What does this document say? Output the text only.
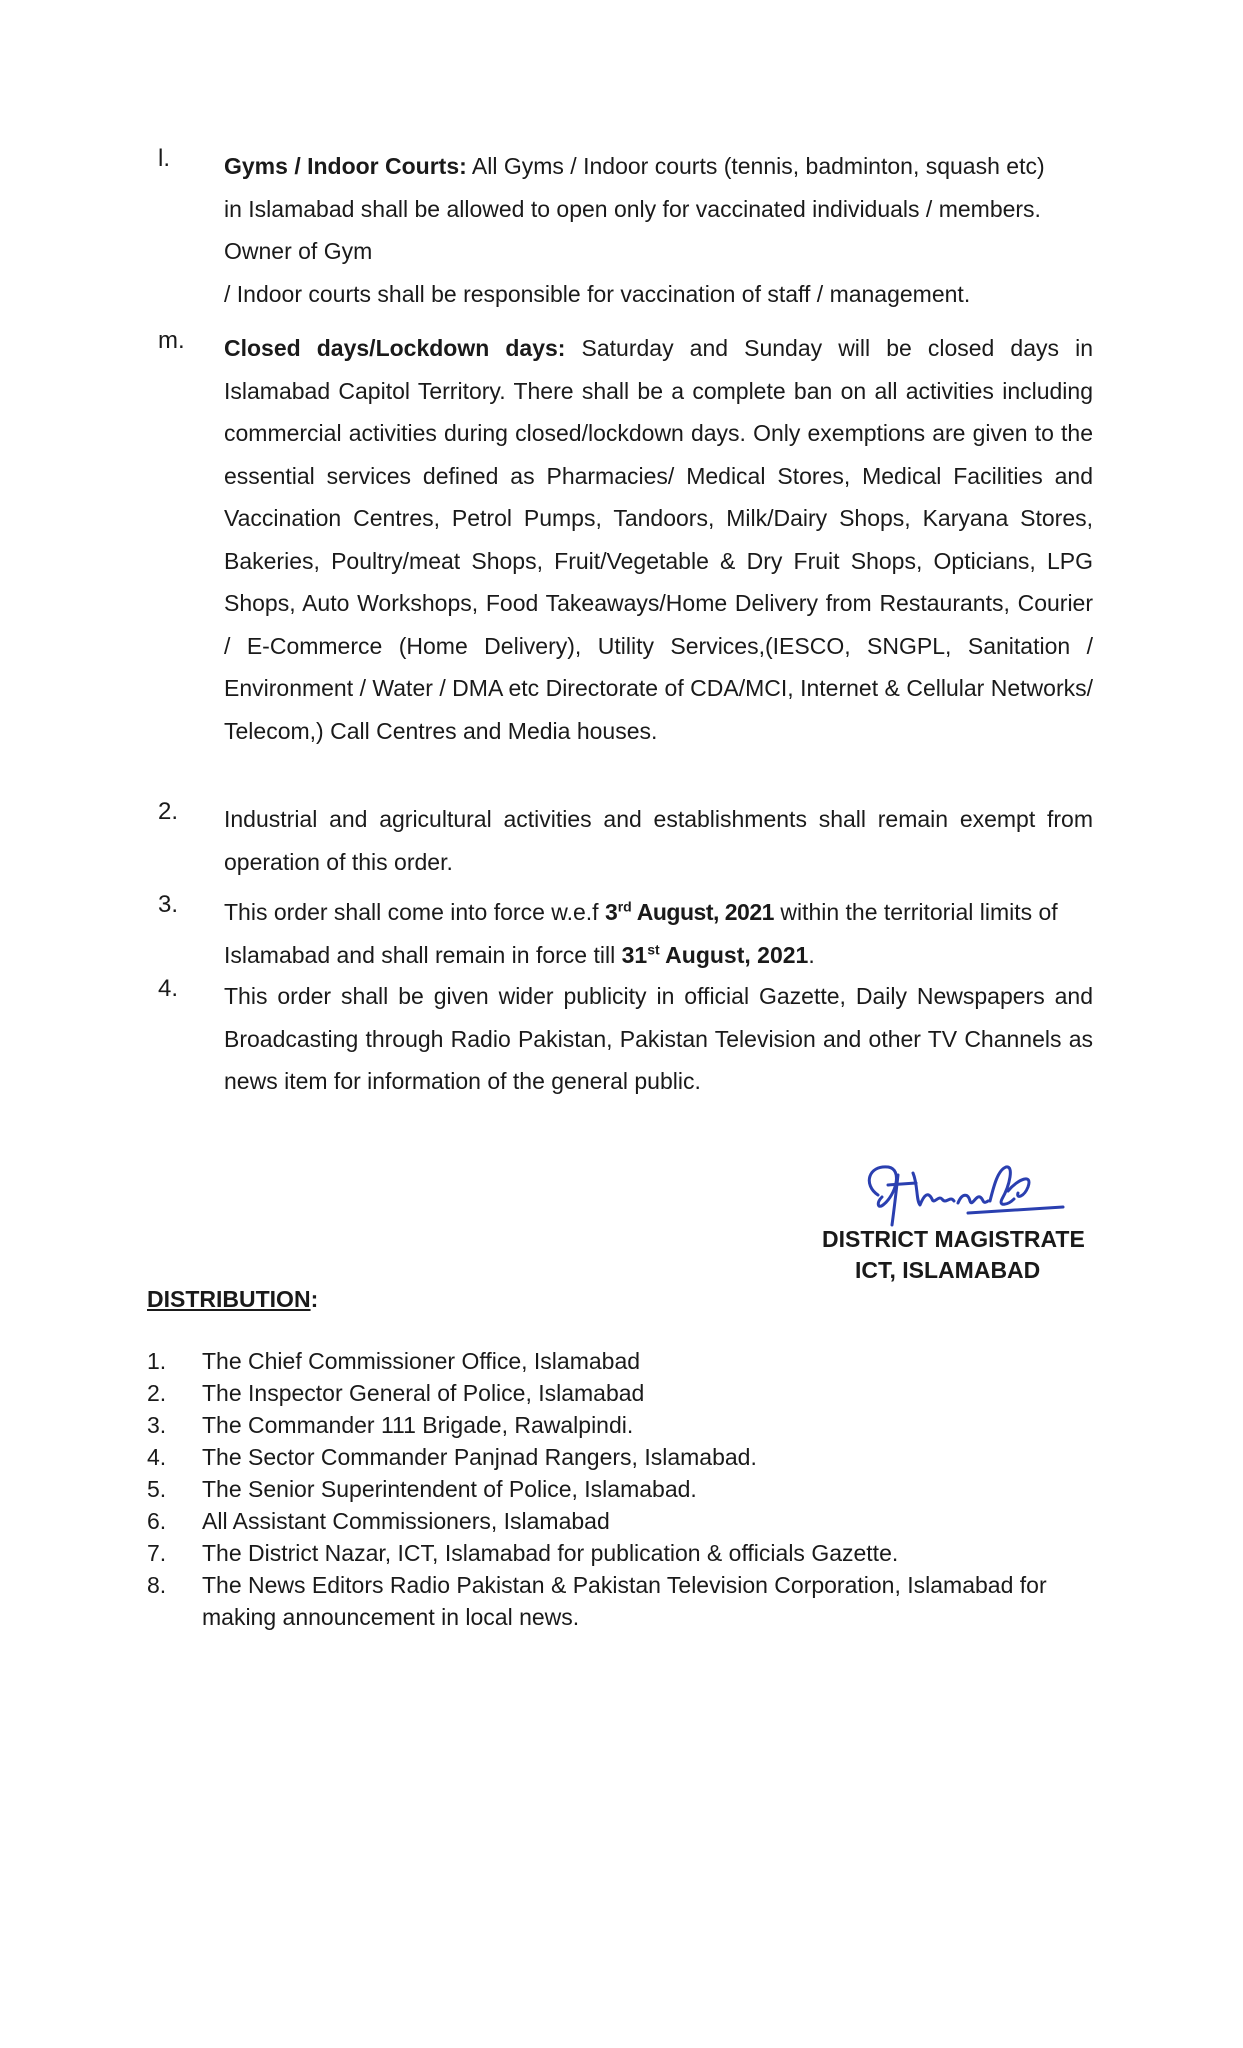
l. Gyms / Indoor Courts: All Gyms / Indoor courts (tennis, badminton, squash etc)
in Islamabad shall be allowed to open only for vaccinated individuals / members.
Owner of Gym
/ Indoor courts shall be responsible for vaccination of staff / management.
m. Closed days/Lockdown days: Saturday and Sunday will be closed days in Islamabad Capitol Territory. There shall be a complete ban on all activities including commercial activities during closed/lockdown days. Only exemptions are given to the essential services defined as Pharmacies/ Medical Stores, Medical Facilities and Vaccination Centres, Petrol Pumps, Tandoors, Milk/Dairy Shops, Karyana Stores, Bakeries, Poultry/meat Shops, Fruit/Vegetable & Dry Fruit Shops, Opticians, LPG Shops, Auto Workshops, Food Takeaways/Home Delivery from Restaurants, Courier / E-Commerce (Home Delivery), Utility Services,(IESCO, SNGPL, Sanitation / Environment / Water / DMA etc Directorate of CDA/MCI, Internet & Cellular Networks/ Telecom,) Call Centres and Media houses.
2. Industrial and agricultural activities and establishments shall remain exempt from operation of this order.
3. This order shall come into force w.e.f 3rd August, 2021 within the territorial limits of Islamabad and shall remain in force till 31st August, 2021.
4. This order shall be given wider publicity in official Gazette, Daily Newspapers and Broadcasting through Radio Pakistan, Pakistan Television and other TV Channels as news item for information of the general public.
DISTRICT MAGISTRATE
ICT, ISLAMABAD
DISTRIBUTION:
1. The Chief Commissioner Office, Islamabad
2. The Inspector General of Police, Islamabad
3. The Commander 111 Brigade, Rawalpindi.
4. The Sector Commander Panjnad Rangers, Islamabad.
5. The Senior Superintendent of Police, Islamabad.
6. All Assistant Commissioners, Islamabad
7. The District Nazar, ICT, Islamabad for publication & officials Gazette.
8. The News Editors Radio Pakistan & Pakistan Television Corporation, Islamabad for making announcement in local news.
